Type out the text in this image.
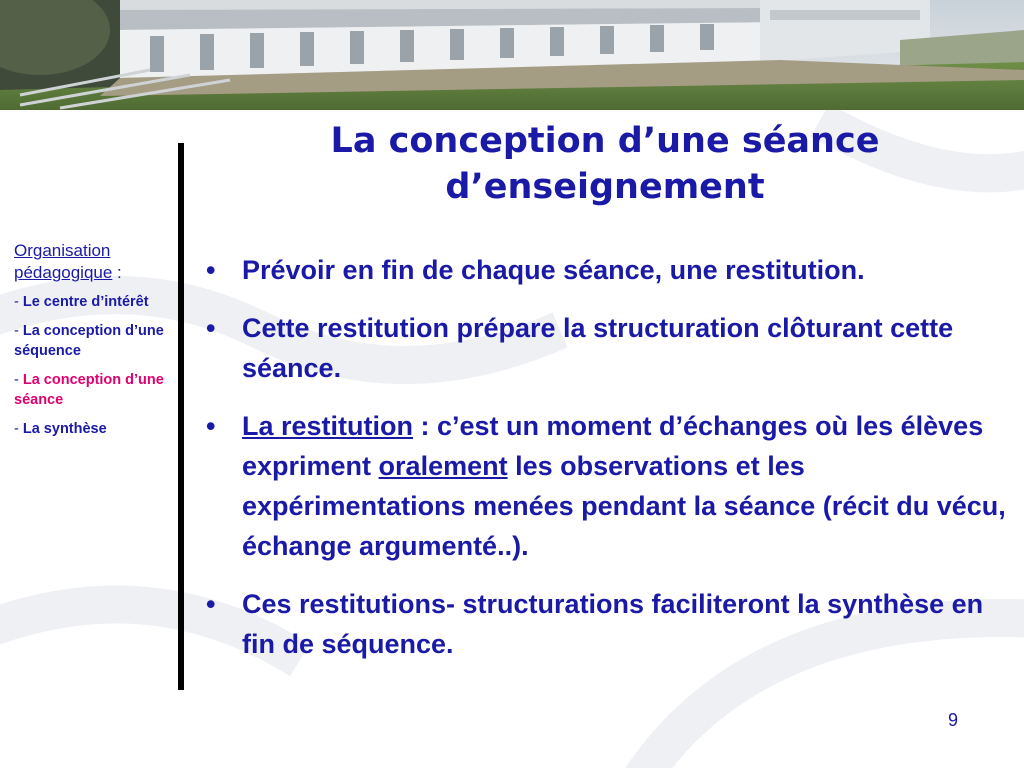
Organisation pédagogique :
- Le centre d’intérêt
- La conception d’une séquence
- La conception d’une séance
- La synthèse
La conception d’une séance d’enseignement
• Prévoir en fin de chaque séance, une restitution.
• Cette restitution prépare la structuration clôturant cette séance.
• La restitution : c’est un moment d’échanges où les élèves expriment oralement les observations et les expérimentations menées pendant la séance (récit du vécu, échange argumenté..).
• Ces restitutions- structurations faciliteront la synthèse en fin de séquence.
9
